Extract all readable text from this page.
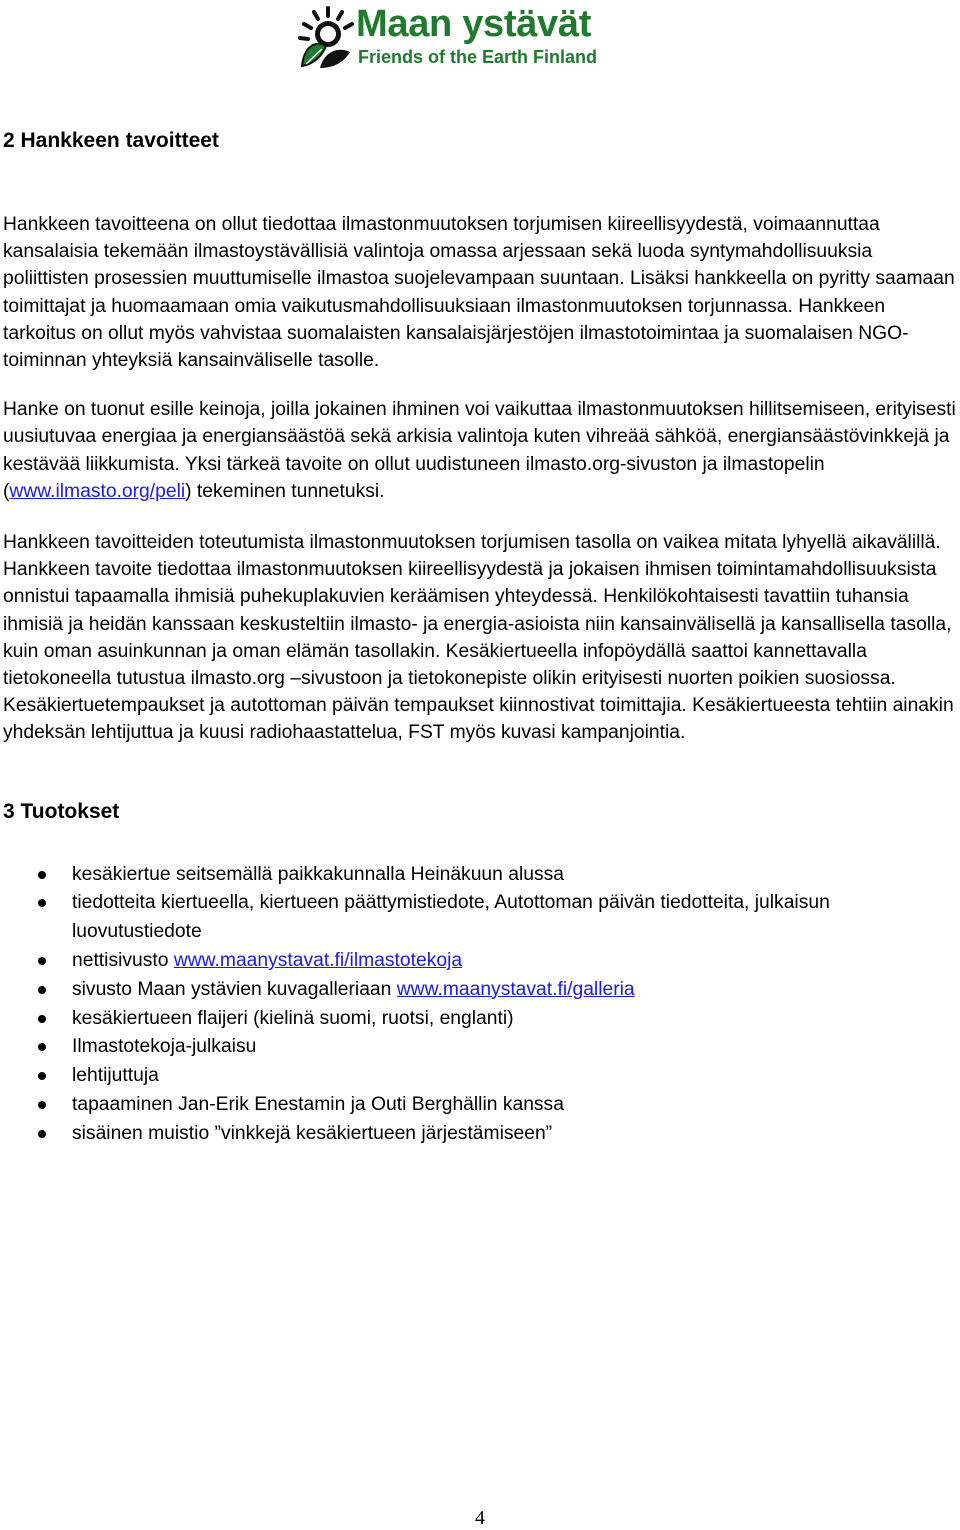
Maan ystävät
Friends of the Earth Finland
2 Hankkeen tavoitteet

Hankkeen tavoitteena on ollut tiedottaa ilmastonmuutoksen torjumisen kiireellisyydestä, voimaannuttaa kansalaisia tekemään ilmastoystävällisiä valintoja omassa arjessaan sekä luoda syntymahdollisuuksia poliittisten prosessien muuttumiselle ilmastoa suojelevampaan suuntaan. Lisäksi hankkeella on pyritty saamaan toimittajat ja huomaamaan omia vaikutusmahdollisuuksiaan ilmastonmuutoksen torjunnassa. Hankkeen tarkoitus on ollut myös vahvistaa suomalaisten kansalaisjärjestöjen ilmastotoimintaa ja suomalaisen NGO-toiminnan yhteyksiä kansainväliselle tasolle.

Hanke on tuonut esille keinoja, joilla jokainen ihminen voi vaikuttaa ilmastonmuutoksen hillitsemiseen, erityisesti uusiutuvaa energiaa ja energiansäästöä sekä arkisia valintoja kuten vihreää sähköä, energiansäästövinkkejä ja kestävää liikkumista. Yksi tärkeä tavoite on ollut uudistuneen ilmasto.org-sivuston ja ilmastopelin (www.ilmasto.org/peli) tekeminen tunnetuksi.

Hankkeen tavoitteiden toteutumista ilmastonmuutoksen torjumisen tasolla on vaikea mitata lyhyellä aikavälillä. Hankkeen tavoite tiedottaa ilmastonmuutoksen kiireellisyydestä ja jokaisen ihmisen toimintamahdollisuuksista onnistui tapaamalla ihmisiä puhekuplakuvien keräämisen yhteydessä. Henkilökohtaisesti tavattiin tuhansia ihmisiä ja heidän kanssaan keskusteltiin ilmasto- ja energia-asioista niin kansainvälisellä ja kansallisella tasolla, kuin oman asuinkunnan ja oman elämän tasollakin. Kesäkiertueella infopöydällä saattoi kannettavalla tietokoneella tutustua ilmasto.org –sivustoon ja tietokonepiste olikin erityisesti nuorten poikien suosiossa. Kesäkiertuetempaukset ja autottoman päivän tempaukset kiinnostivat toimittajia. Kesäkiertueesta tehtiin ainakin yhdeksän lehtijuttua ja kuusi radiohaastattelua, FST myös kuvasi kampanjointia.

3 Tuotokset
kesäkiertue seitsemällä paikkakunnalla Heinäkuun alussa
tiedotteita kiertueella, kiertueen päättymistiedote, Autottoman päivän tiedotteita, julkaisun luovutustiedote
nettisivusto www.maanystavat.fi/ilmastotekoja
sivusto Maan ystävien kuvagalleriaan www.maanystavat.fi/galleria
kesäkiertueen flaijeri (kielinä suomi, ruotsi, englanti)
Ilmastotekoja-julkaisu
lehtijuttuja
tapaaminen Jan-Erik Enestamin ja Outi Berghällin kanssa
sisäinen muistio ”vinkkejä kesäkiertueen järjestämiseen”
4
